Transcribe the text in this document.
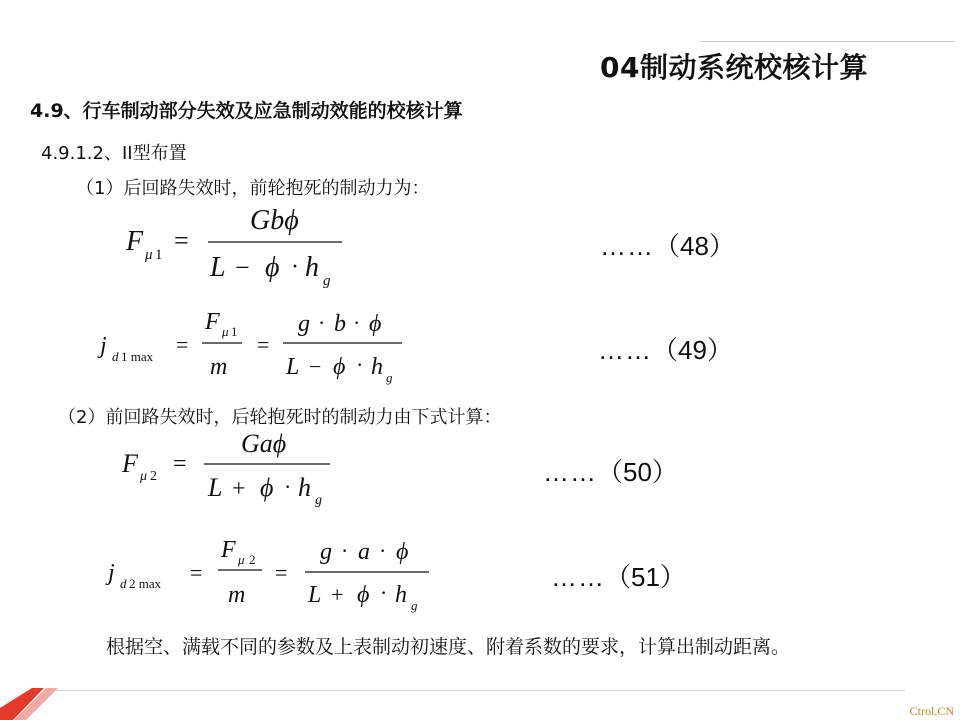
04制动系统校核计算
4.9、行车制动部分失效及应急制动效能的校核计算
4.9.1.2、II型布置
（1）后回路失效时，前轮抱死的制动力为：
（2）前回路失效时，后轮抱死时的制动力由下式计算：
F μ 1 =
Gbϕ
L − ϕ · h g
j d 1 max =
F μ 1
m
=
g · b · ϕ
L − ϕ · h g
F μ 2 =
Gaϕ
L + ϕ · h g
j d 2 max =
F μ 2
m
=
g · a · ϕ
L + ϕ · h g
……（48）
……（49）
……（50）
……（51）
根据空、满载不同的参数及上表制动初速度、附着系数的要求，计算出制动距离。
Ctrol.CN
